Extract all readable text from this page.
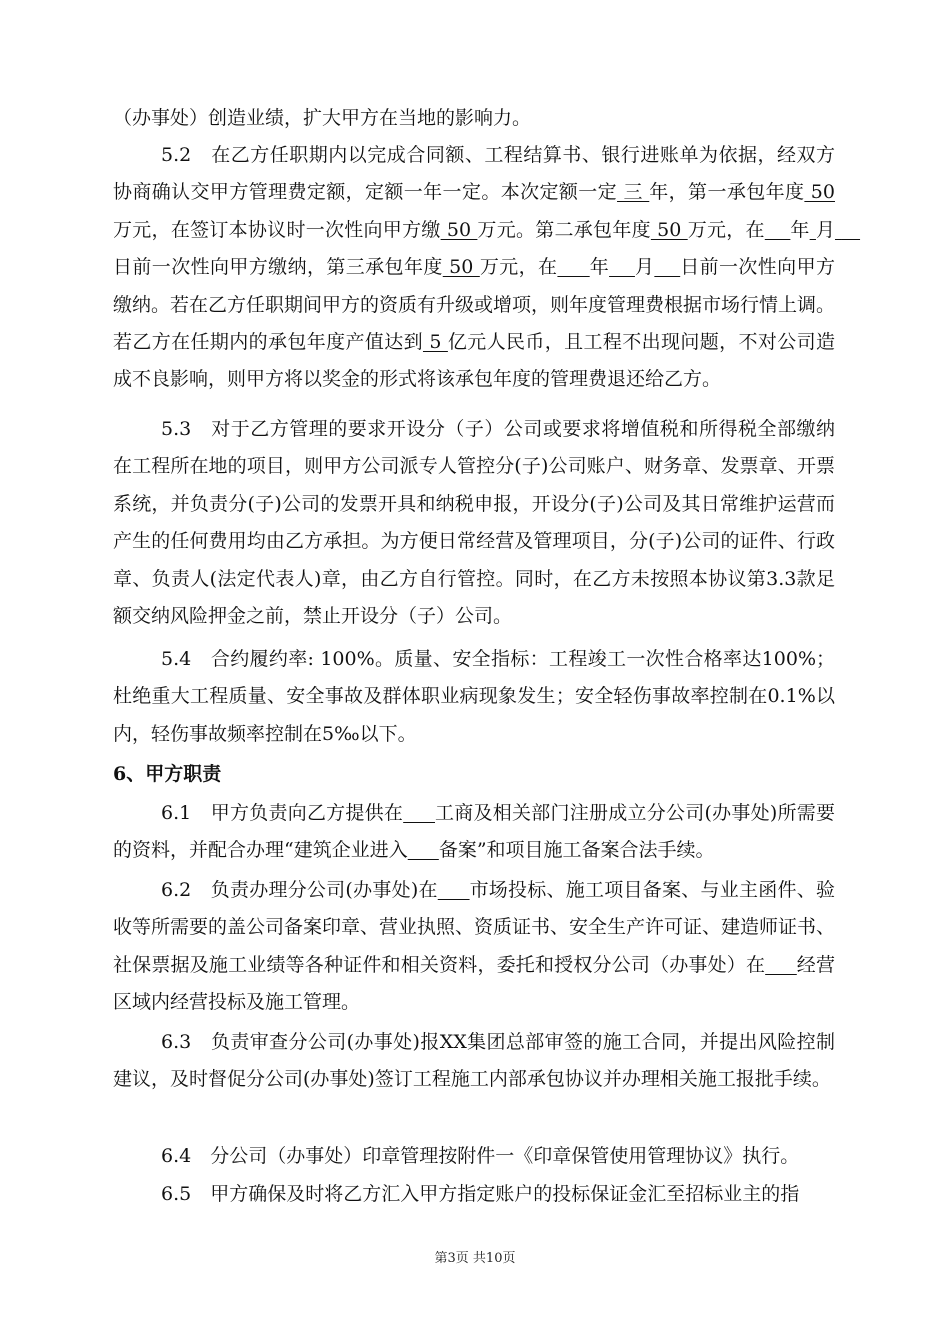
（办事处）创造业绩，扩大甲方在当地的影响力。

5.2　在乙方任职期内以完成合同额、工程结算书、银行进账单为依据，经双方协商确认交甲方管理费定额，定额一年一定。本次定额一定 三 年，第一承包年度 50 万元，在签订本协议时一次性向甲方缴 50 万元。第二承包年度 50 万元，在　 年 月 　日前一次性向甲方缴纳，第三承包年度 50 万元，在 　 年 　 月 　 日前一次性向甲方缴纳。若在乙方任职期间甲方的资质有升级或增项，则年度管理费根据市场行情上调。若乙方在任期内的承包年度产值达到 5 亿元人民币，且工程不出现问题，不对公司造成不良影响，则甲方将以奖金的形式将该承包年度的管理费退还给乙方。

5.3　对于乙方管理的要求开设分（子）公司或要求将增值税和所得税全部缴纳在工程所在地的项目，则甲方公司派专人管控分(子)公司账户、财务章、发票章、开票系统，并负责分(子)公司的发票开具和纳税申报，开设分(子)公司及其日常维护运营而产生的任何费用均由乙方承担。为方便日常经营及管理项目，分(子)公司的证件、行政章、负责人(法定代表人)章，由乙方自行管控。同时，在乙方未按照本协议第3.3款足额交纳风险押金之前，禁止开设分（子）公司。

5.4　合约履约率: 100%。质量、安全指标：工程竣工一次性合格率达100%；杜绝重大工程质量、安全事故及群体职业病现象发生；安全轻伤事故率控制在0.1%以内，轻伤事故频率控制在5‰以下。

6、甲方职责

6.1　甲方负责向乙方提供在 　 工商及相关部门注册成立分公司(办事处)所需要的资料，并配合办理“建筑企业进入 　 备案”和项目施工备案合法手续。

6.2　负责办理分公司(办事处)在 　 市场投标、施工项目备案、与业主函件、验收等所需要的盖公司备案印章、营业执照、资质证书、安全生产许可证、建造师证书、社保票据及施工业绩等各种证件和相关资料，委托和授权分公司（办事处）在 　 经营区域内经营投标及施工管理。

6.3　负责审查分公司(办事处)报XX集团总部审签的施工合同，并提出风险控制建议，及时督促分公司(办事处)签订工程施工内部承包协议并办理相关施工报批手续。

6.4　分公司（办事处）印章管理按附件一《印章保管使用管理协议》执行。

6.5　甲方确保及时将乙方汇入甲方指定账户的投标保证金汇至招标业主的指

第3页 共10页
